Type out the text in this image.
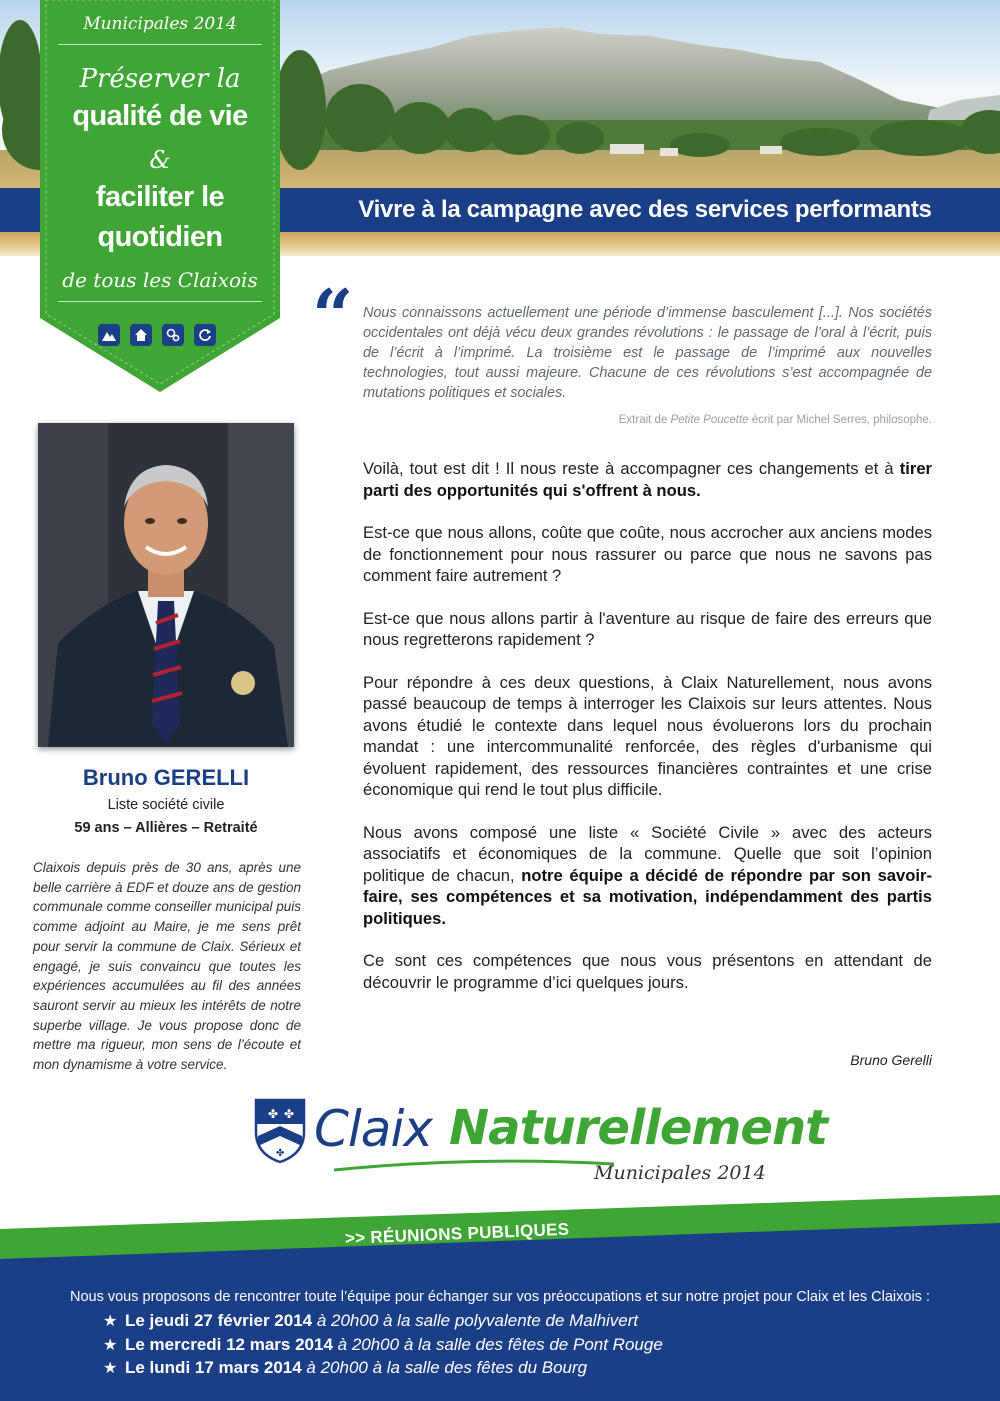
Vivre à la campagne avec des services performants
Municipales 2014
Préserver la
qualité de vie
&
faciliter le
quotidien
de tous les Claixois “ Nous connaissons actuellement une période d’immense basculement [...]. Nos sociétés occidentales ont déjà vécu deux grandes révolutions : le passage de l’oral à l’écrit, puis de l’écrit à l’imprimé. La troisième est le passage de l’imprimé aux nouvelles technologies, tout aussi majeure. Chacune de ces révolutions s’est accompagnée de mutations politiques et sociales.
Extrait de Petite Poucette écrit par Michel Serres, philosophe.
Bruno GERELLI
Liste société civile
59 ans – Allières – Retraité
Claixois depuis près de 30 ans, après une belle carrière à EDF et douze ans de gestion communale comme conseiller municipal puis comme adjoint au Maire, je me sens prêt pour servir la commune de Claix. Sérieux et engagé, je suis convaincu que toutes les expériences accumulées au fil des années sauront servir au mieux les intérêts de notre superbe village. Je vous propose donc de mettre ma rigueur, mon sens de l’écoute et mon dynamisme à votre service.

Voilà, tout est dit ! Il nous reste à accompagner ces changements et à tirer parti des opportunités qui s'offrent à nous.

Est-ce que nous allons, coûte que coûte, nous accrocher aux anciens modes de fonctionnement pour nous rassurer ou parce que nous ne savons pas comment faire autrement ?

Est-ce que nous allons partir à l'aventure au risque de faire des erreurs que nous regretterons rapidement ?

Pour répondre à ces deux questions, à Claix Naturellement, nous avons passé beaucoup de temps à interroger les Claixois sur leurs attentes. Nous avons étudié le contexte dans lequel nous évoluerons lors du prochain mandat : une intercommunalité renforcée, des règles d'urbanisme qui évoluent rapidement, des ressources financières contraintes et une crise économique qui rend le tout plus difficile.

Nous avons composé une liste « Société Civile » avec des acteurs associatifs et économiques de la commune. Quelle que soit l’opinion politique de chacun, notre équipe a décidé de répondre par son savoir-faire, ses compétences et sa motivation, indépendamment des partis politiques.

Ce sont ces compétences que nous vous présentons en attendant de découvrir le programme d’ici quelques jours.

Bruno Gerelli
✤ ✤
✤ Claix Naturellement
Municipales 2014
>> RÉUNIONS PUBLIQUES
Nous vous proposons de rencontrer toute l’équipe pour échanger sur vos préoccupations et sur notre projet pour Claix et les Claixois :
★ Le jeudi 27 février 2014 à 20h00 à la salle polyvalente de Malhivert
★ Le mercredi 12 mars 2014 à 20h00 à la salle des fêtes de Pont Rouge
★ Le lundi 17 mars 2014 à 20h00 à la salle des fêtes du Bourg
